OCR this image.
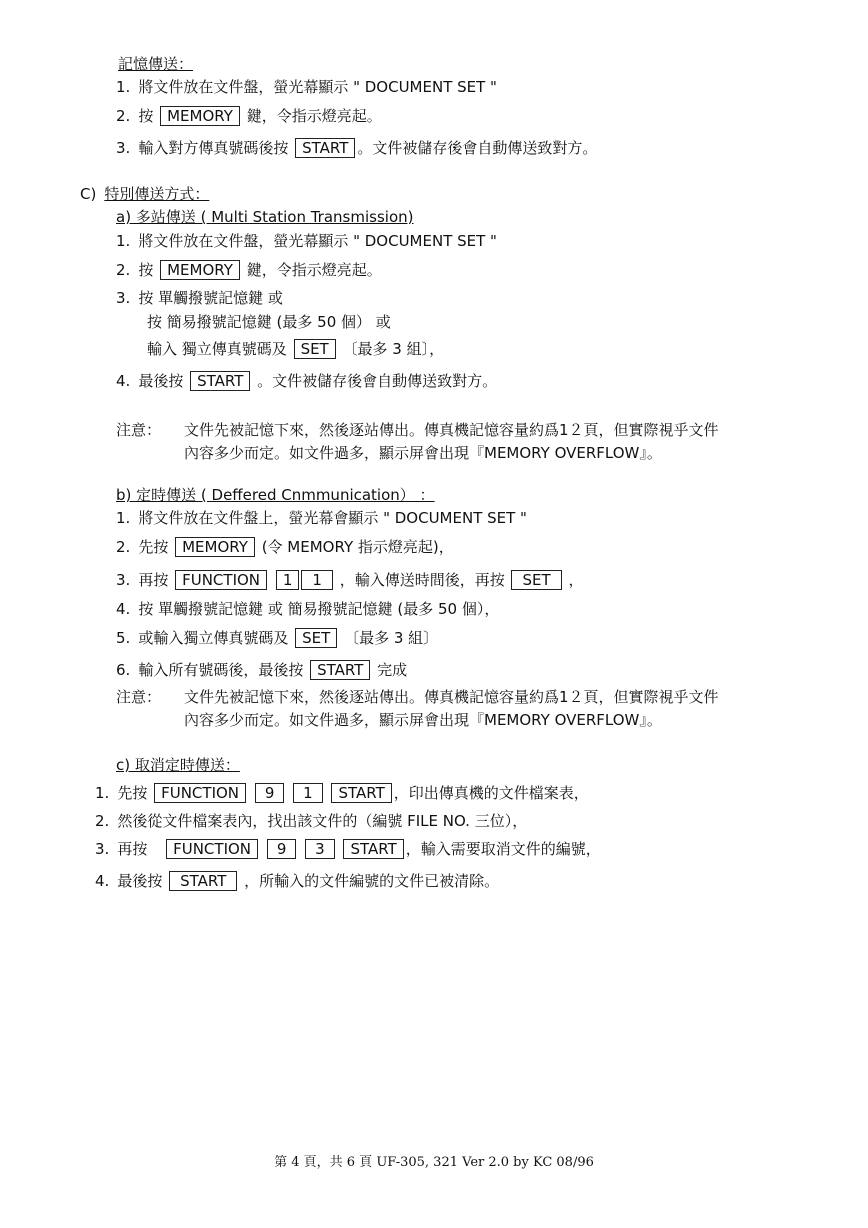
記憶傳送：
1. 將文件放在文件盤，螢光幕顯示 " DOCUMENT SET "
2. 按 MEMORY 鍵，令指示燈亮起。
3. 輸入對方傳真號碼後按 START 。文件被儲存後會自動傳送致對方。
C) 特別傳送方式：
a) 多站傳送 ( Multi Station Transmission)
1. 將文件放在文件盤，螢光幕顯示 " DOCUMENT SET "
2. 按 MEMORY 鍵，令指示燈亮起。
3. 按 單觸撥號記憶鍵 或
按 簡易撥號記憶鍵 (最多 50 個） 或
輸入 獨立傳真號碼及 SET 〔最多 3 組〕，
4. 最後按 START 。文件被儲存後會自動傳送致對方。
注意： 文件先被記憶下來，然後逐站傳出。傳真機記憶容量約爲1２頁，但實際視乎文件
內容多少而定。如文件過多，顯示屏會出現『MEMORY OVERFLOW』。
b) 定時傳送 ( Deffered Cnmmunication） ：
1. 將文件放在文件盤上，螢光幕會顯示 " DOCUMENT SET "
2. 先按 MEMORY (令 MEMORY 指示燈亮起)，
3. 再按 FUNCTION 1 1 ，輸入傳送時間後，再按 SET ，
4. 按 單觸撥號記憶鍵 或 簡易撥號記憶鍵 (最多 50 個），
5. 或輸入獨立傳真號碼及 SET 〔最多 3 組〕
6. 輸入所有號碼後，最後按 START 完成
注意： 文件先被記憶下來，然後逐站傳出。傳真機記憶容量約爲1２頁，但實際視乎文件
內容多少而定。如文件過多，顯示屏會出現『MEMORY OVERFLOW』。
c) 取消定時傳送：
1. 先按 FUNCTION 9 1 START ，印出傳真機的文件檔案表，
2. 然後從文件檔案表內，找出該文件的（編號 FILE NO. 三位），
3. 再按 FUNCTION 9 3 START ，輸入需要取消文件的編號，
4. 最後按 START ，所輸入的文件編號的文件已被清除。
第 4 頁，共 6 頁 UF-305, 321 Ver 2.0 by KC 08/96
